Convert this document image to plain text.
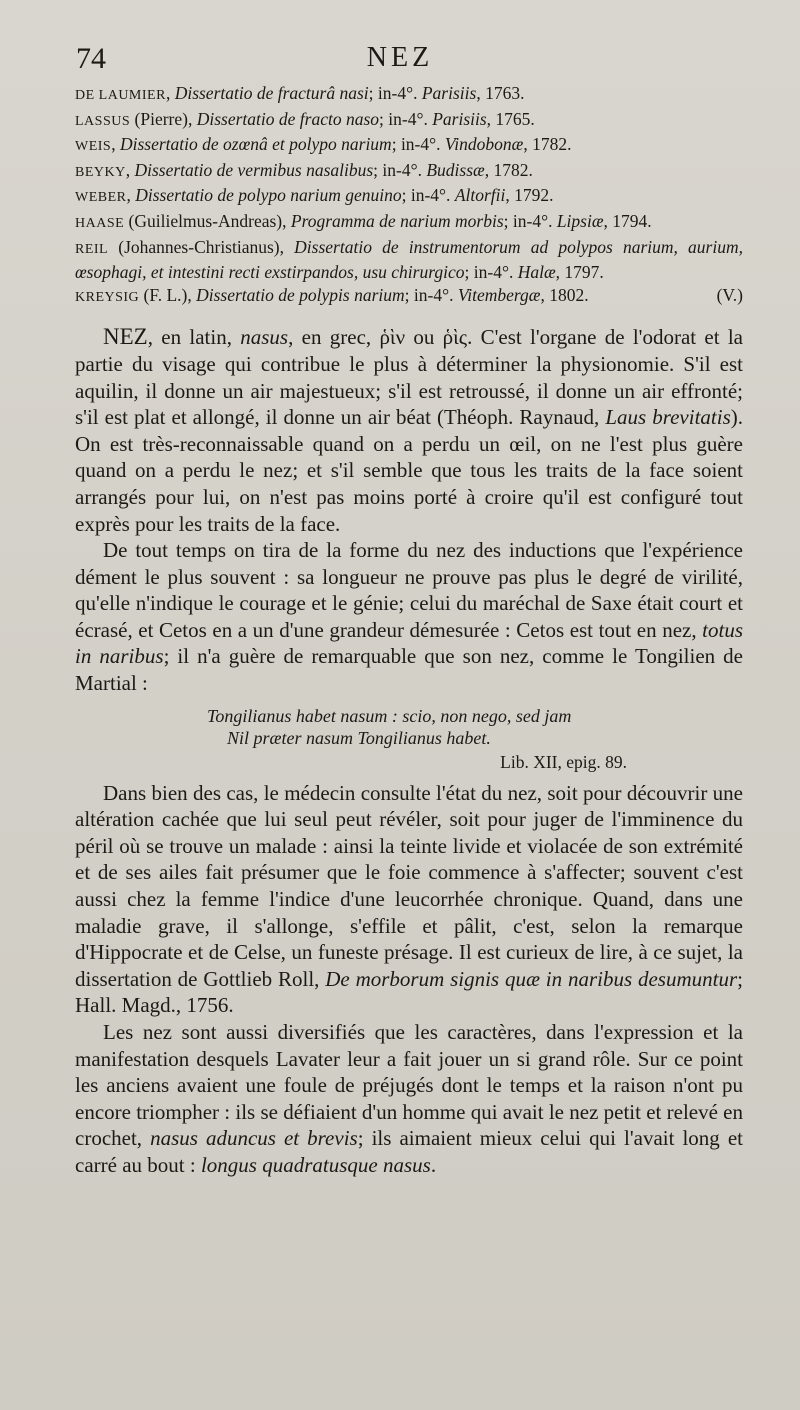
74	NEZ

DE LAUMIER, Dissertatio de fracturâ nasi; in-4°. Parisiis, 1763.

LASSUS (Pierre), Dissertatio de fracto naso; in-4°. Parisiis, 1765.

WEIS, Dissertatio de ozœnâ et polypo narium; in-4°. Vindobonæ, 1782.

BEYKY, Dissertatio de vermibus nasalibus; in-4°. Budissæ, 1782.

WEBER, Dissertatio de polypo narium genuino; in-4°. Altorfii, 1792.

HAASE (Guilielmus-Andreas), Programma de narium morbis; in-4°. Lipsiæ, 1794.

REIL (Johannes-Christianus), Dissertatio de instrumentorum ad polypos narium, aurium, œsophagi, et intestini recti exstirpandos, usu chirurgico; in-4°. Halæ, 1797.

KREYSIG (F. L.), Dissertatio de polypis narium; in-4°. Vitembergæ, 1802.	(V.)

NEZ, en latin, nasus, en grec, ῥὶν ou ῥὶς. C'est l'organe de l'odorat et la partie du visage qui contribue le plus à déterminer la physionomie. S'il est aquilin, il donne un air majestueux; s'il est retroussé, il donne un air effronté; s'il est plat et allongé, il donne un air béat (Théoph. Raynaud, Laus brevitatis). On est très-reconnaissable quand on a perdu un œil, on ne l'est plus guère quand on a perdu le nez; et s'il semble que tous les traits de la face soient arrangés pour lui, on n'est pas moins porté à croire qu'il est configuré tout exprès pour les traits de la face.

De tout temps on tira de la forme du nez des inductions que l'expérience dément le plus souvent : sa longueur ne prouve pas plus le degré de virilité, qu'elle n'indique le courage et le génie; celui du maréchal de Saxe était court et écrasé, et Cetos en a un d'une grandeur démesurée : Cetos est tout en nez, totus in naribus; il n'a guère de remarquable que son nez, comme le Tongilien de Martial :

Tongilianus habet nasum : scio, non nego, sed jam
Nil præter nasum Tongilianus habet.
Lib. XII, epig. 89.

Dans bien des cas, le médecin consulte l'état du nez, soit pour découvrir une altération cachée que lui seul peut révéler, soit pour juger de l'imminence du péril où se trouve un malade : ainsi la teinte livide et violacée de son extrémité et de ses ailes fait présumer que le foie commence à s'affecter; souvent c'est aussi chez la femme l'indice d'une leucorrhée chronique. Quand, dans une maladie grave, il s'allonge, s'effile et pâlit, c'est, selon la remarque d'Hippocrate et de Celse, un funeste présage. Il est curieux de lire, à ce sujet, la dissertation de Gottlieb Roll, De morborum signis quæ in naribus desumuntur; Hall. Magd., 1756.

Les nez sont aussi diversifiés que les caractères, dans l'expression et la manifestation desquels Lavater leur a fait jouer un si grand rôle. Sur ce point les anciens avaient une foule de préjugés dont le temps et la raison n'ont pu encore triompher : ils se défiaient d'un homme qui avait le nez petit et relevé en crochet, nasus aduncus et brevis; ils aimaient mieux celui qui l'avait long et carré au bout : longus quadratusque nasus.
